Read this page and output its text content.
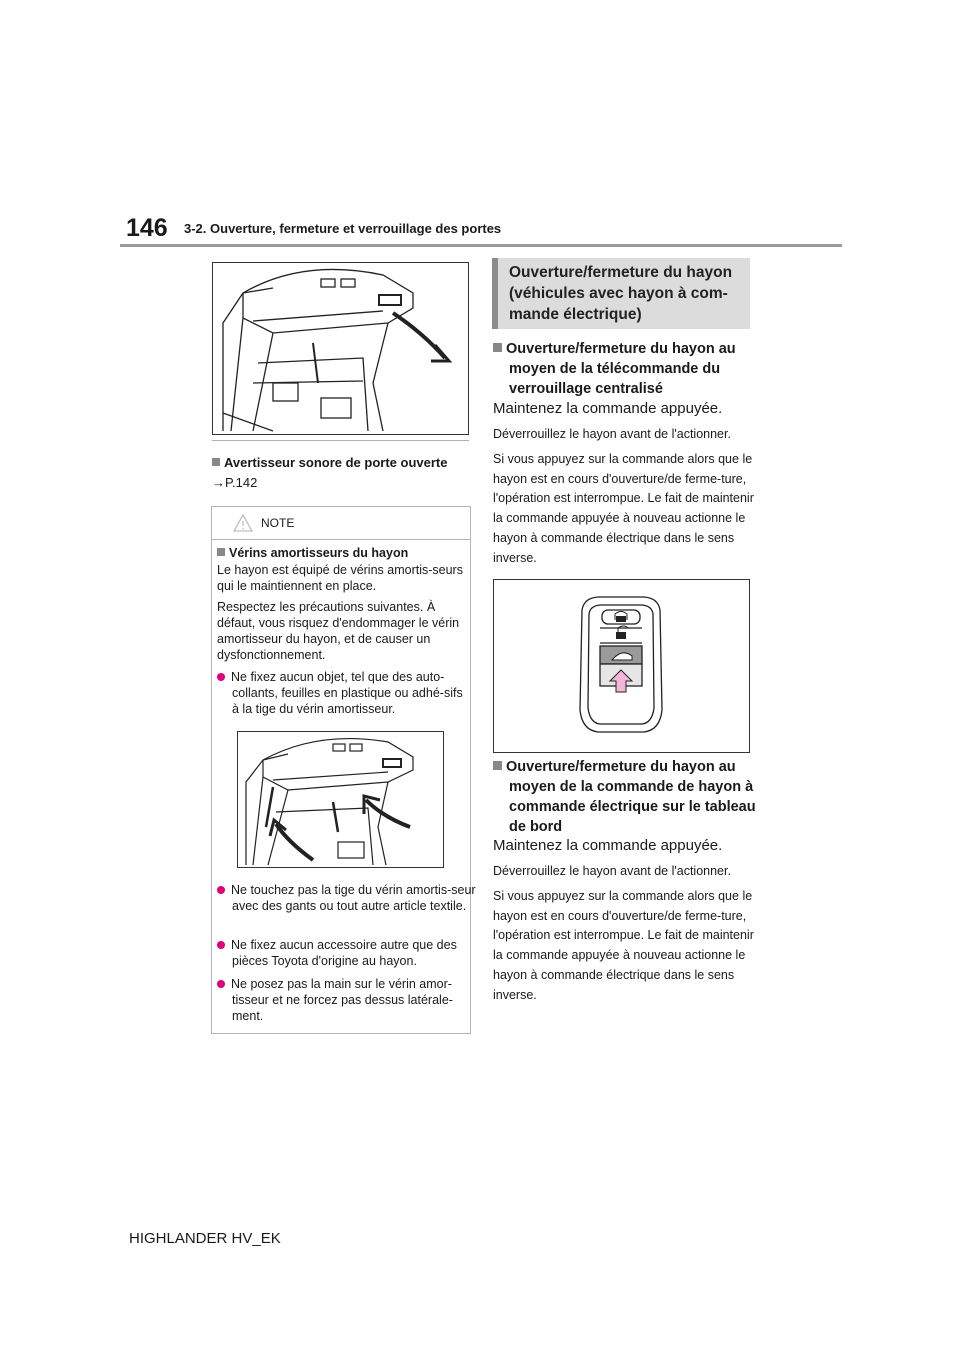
146 3-2. Ouverture, fermeture et verrouillage des portes
Avertisseur sonore de porte ouverte
→P.142
NOTE
Vérins amortisseurs du hayon
Le hayon est équipé de vérins amortis-seurs qui le maintiennent en place.
Respectez les précautions suivantes. À défaut, vous risquez d'endommager le vérin amortisseur du hayon, et de causer un dysfonctionnement.
Ne fixez aucun objet, tel que des auto-collants, feuilles en plastique ou adhé-sifs à la tige du vérin amortisseur.
Ne touchez pas la tige du vérin amortis-seur avec des gants ou tout autre article textile.
Ne fixez aucun accessoire autre que des pièces Toyota d'origine au hayon.
Ne posez pas la main sur le vérin amor-tisseur et ne forcez pas dessus latérale-ment.
Ouverture/fermeture du hayon (véhicules avec hayon à com-mande électrique)
Ouverture/fermeture du hayon au moyen de la télécommande du verrouillage centralisé
Maintenez la commande appuyée.
Déverrouillez le hayon avant de l'actionner.
Si vous appuyez sur la commande alors que le hayon est en cours d'ouverture/de ferme-ture, l'opération est interrompue. Le fait de maintenir la commande appuyée à nouveau actionne le hayon à commande électrique dans le sens inverse.
Ouverture/fermeture du hayon au moyen de la commande de hayon à commande électrique sur le tableau de bord
Maintenez la commande appuyée.
Déverrouillez le hayon avant de l'actionner.
Si vous appuyez sur la commande alors que le hayon est en cours d'ouverture/de ferme-ture, l'opération est interrompue. Le fait de maintenir la commande appuyée à nouveau actionne le hayon à commande électrique dans le sens inverse.
HIGHLANDER HV_EK
